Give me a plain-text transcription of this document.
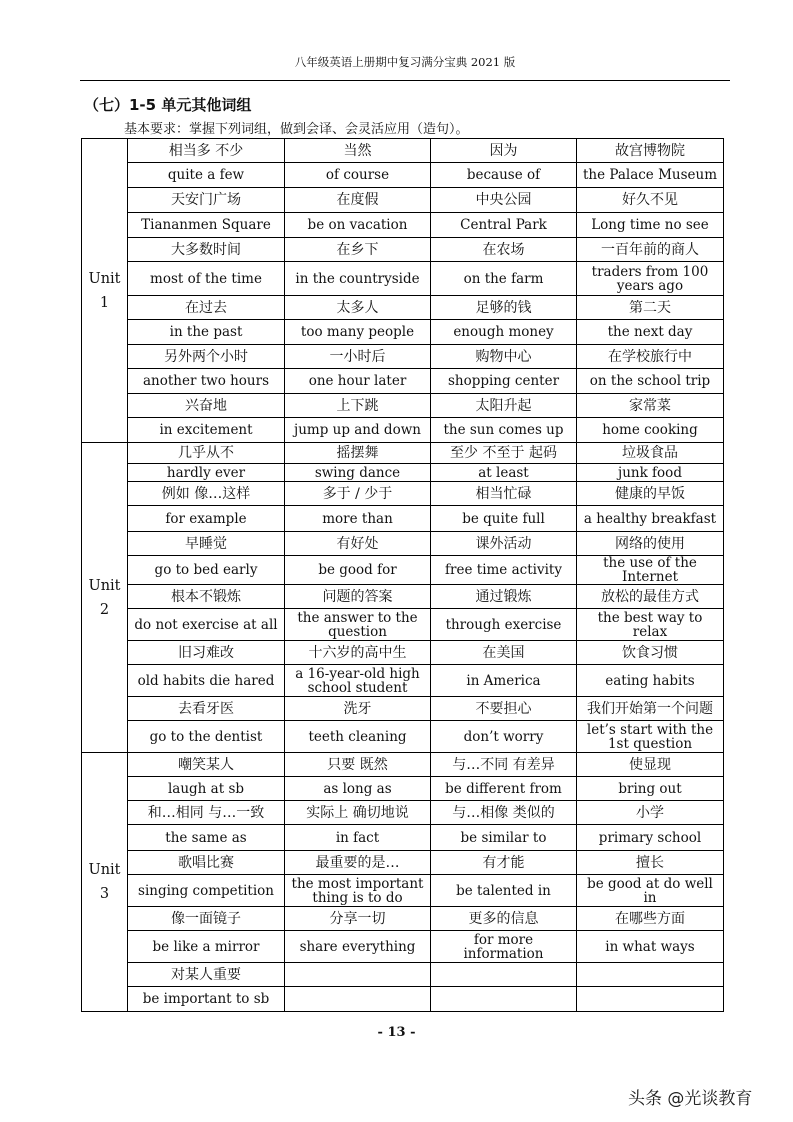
八年级英语上册期中复习满分宝典 2021 版
（七）1-5 单元其他词组
基本要求：掌握下列词组，做到会译、会灵活应用（造句）。
Unit
1	相当多 不少	当然	因为	故宫博物院
	quite a few	of course	because of	the Palace Museum
	天安门广场	在度假	中央公园	好久不见
	Tiananmen Square	be on vacation	Central Park	Long time no see
	大多数时间	在乡下	在农场	一百年前的商人
	most of the time	in the countryside	on the farm	traders from 100 years ago
	在过去	太多人	足够的钱	第二天
	in the past	too many people	enough money	the next day
	另外两个小时	一小时后	购物中心	在学校旅行中
	another two hours	one hour later	shopping center	on the school trip
	兴奋地	上下跳	太阳升起	家常菜
	in excitement	jump up and down	the sun comes up	home cooking
Unit
2	几乎从不	摇摆舞	至少 不至于 起码	垃圾食品
	hardly ever	swing dance	at least	junk food
	例如 像…这样	多于 / 少于	相当忙碌	健康的早饭
	for example	more than	be quite full	a healthy breakfast
	早睡觉	有好处	课外活动	网络的使用
	go to bed early	be good for	free time activity	the use of the Internet
	根本不锻炼	问题的答案	通过锻炼	放松的最佳方式
	do not exercise at all	the answer to the question	through exercise	the best way to relax
	旧习难改	十六岁的高中生	在美国	饮食习惯
	old habits die hared	a 16-year-old high school student	in America	eating habits
	去看牙医	洗牙	不要担心	我们开始第一个问题
	go to the dentist	teeth cleaning	don’t worry	let’s start with the 1st question
Unit
3	嘲笑某人	只要 既然	与…不同 有差异	使显现
	laugh at sb	as long as	be different from	bring out
	和…相同 与…一致	实际上 确切地说	与…相像 类似的	小学
	the same as	in fact	be similar to	primary school
	歌唱比赛	最重要的是…	有才能	擅长
	singing competition	the most important thing is to do	be talented in	be good at do well in
	像一面镜子	分享一切	更多的信息	在哪些方面
	be like a mirror	share everything	for more information	in what ways
	对某人重要			
	be important to sb			
- 13 -
头条 @光谈教育
